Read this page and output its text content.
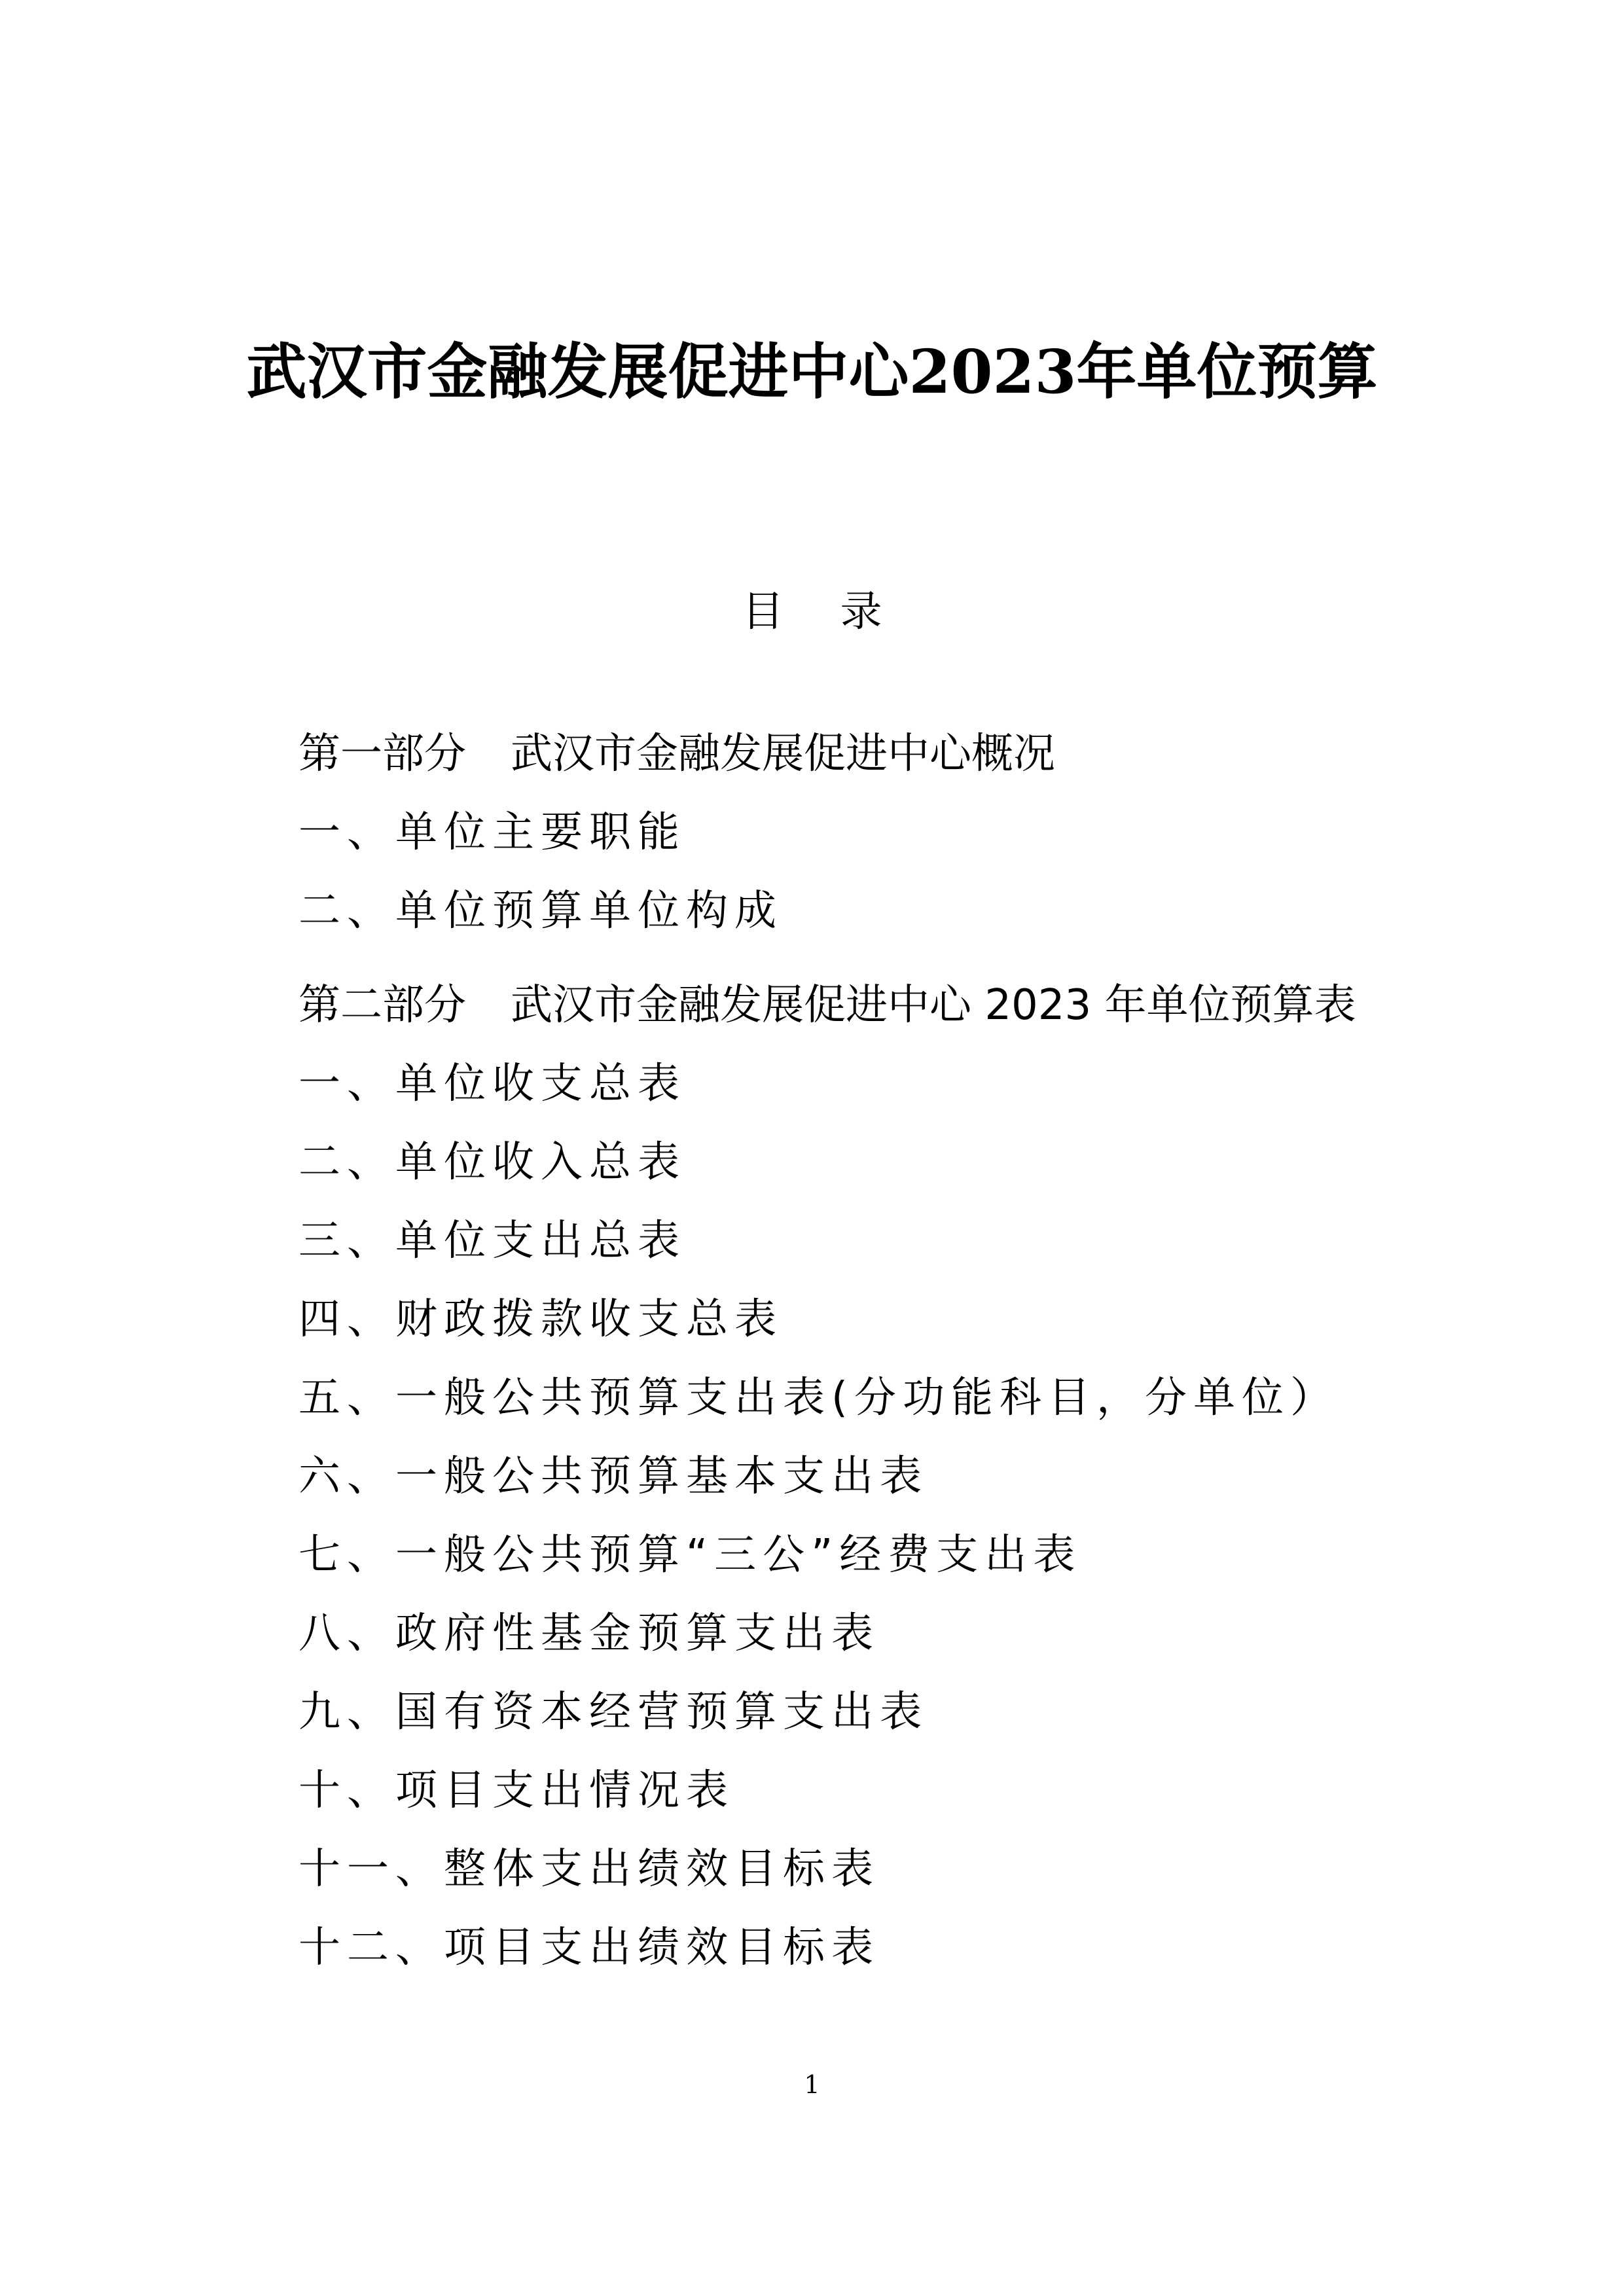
武汉市金融发展促进中心2023年单位预算
目 录
第一部分 武汉市金融发展促进中心概况
一、单位主要职能
二、单位预算单位构成
第二部分 武汉市金融发展促进中心 2023 年单位预算表
一、单位收支总表
二、单位收入总表
三、单位支出总表
四、财政拨款收支总表
五、一般公共预算支出表(分功能科目，分单位）
六、一般公共预算基本支出表
七、一般公共预算“三公”经费支出表
八、政府性基金预算支出表
九、国有资本经营预算支出表
十、项目支出情况表
十一、整体支出绩效目标表
十二、项目支出绩效目标表
1
